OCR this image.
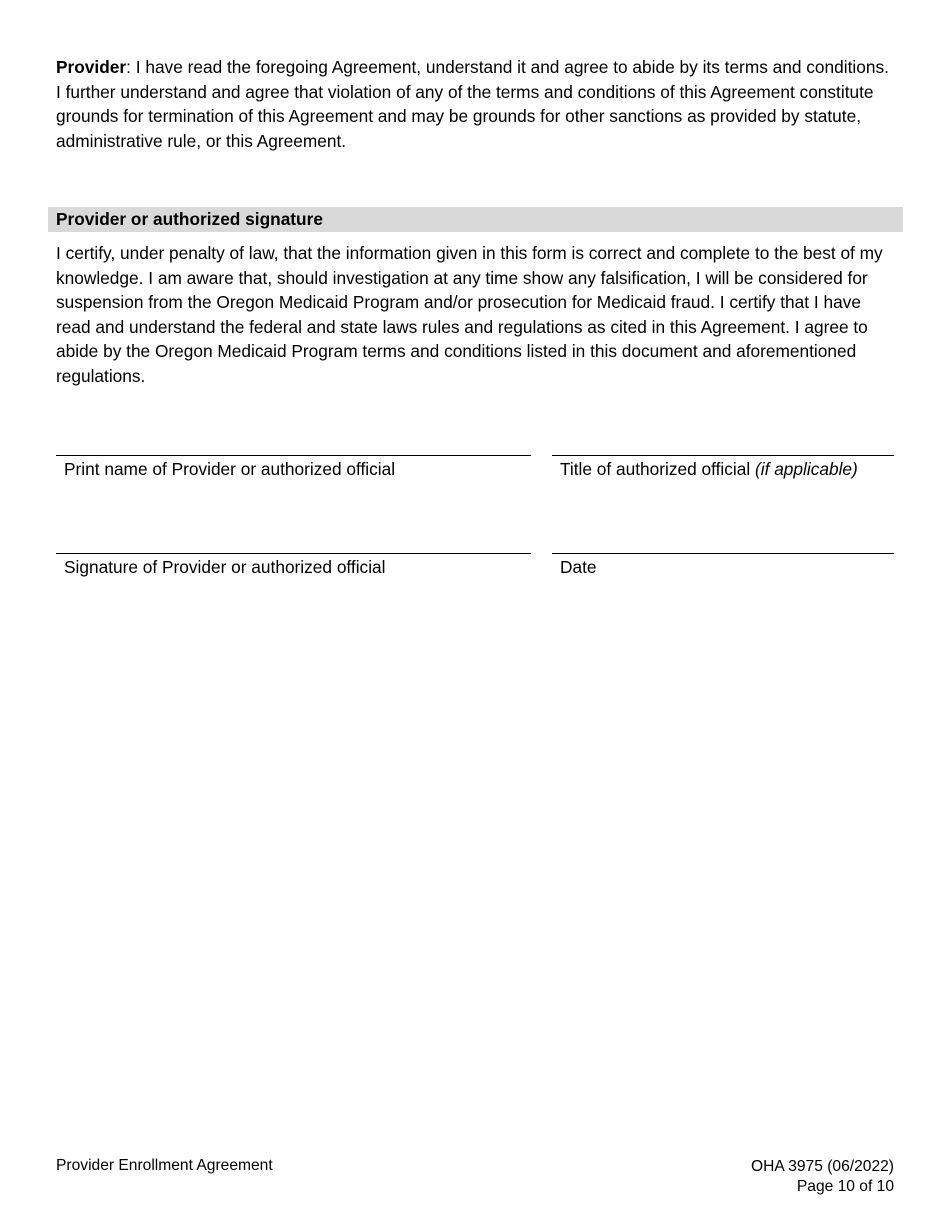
Provider: I have read the foregoing Agreement, understand it and agree to abide by its terms and conditions. I further understand and agree that violation of any of the terms and conditions of this Agreement constitute grounds for termination of this Agreement and may be grounds for other sanctions as provided by statute, administrative rule, or this Agreement.

Provider or authorized signature

I certify, under penalty of law, that the information given in this form is correct and complete to the best of my knowledge. I am aware that, should investigation at any time show any falsification, I will be considered for suspension from the Oregon Medicaid Program and/or prosecution for Medicaid fraud. I certify that I have read and understand the federal and state laws rules and regulations as cited in this Agreement. I agree to abide by the Oregon Medicaid Program terms and conditions listed in this document and aforementioned regulations.

Print name of Provider or authorized official	Title of authorized official (if applicable)
Signature of Provider or authorized official	Date
Provider Enrollment Agreement	OHA 3975 (06/2022)
Page 10 of 10
